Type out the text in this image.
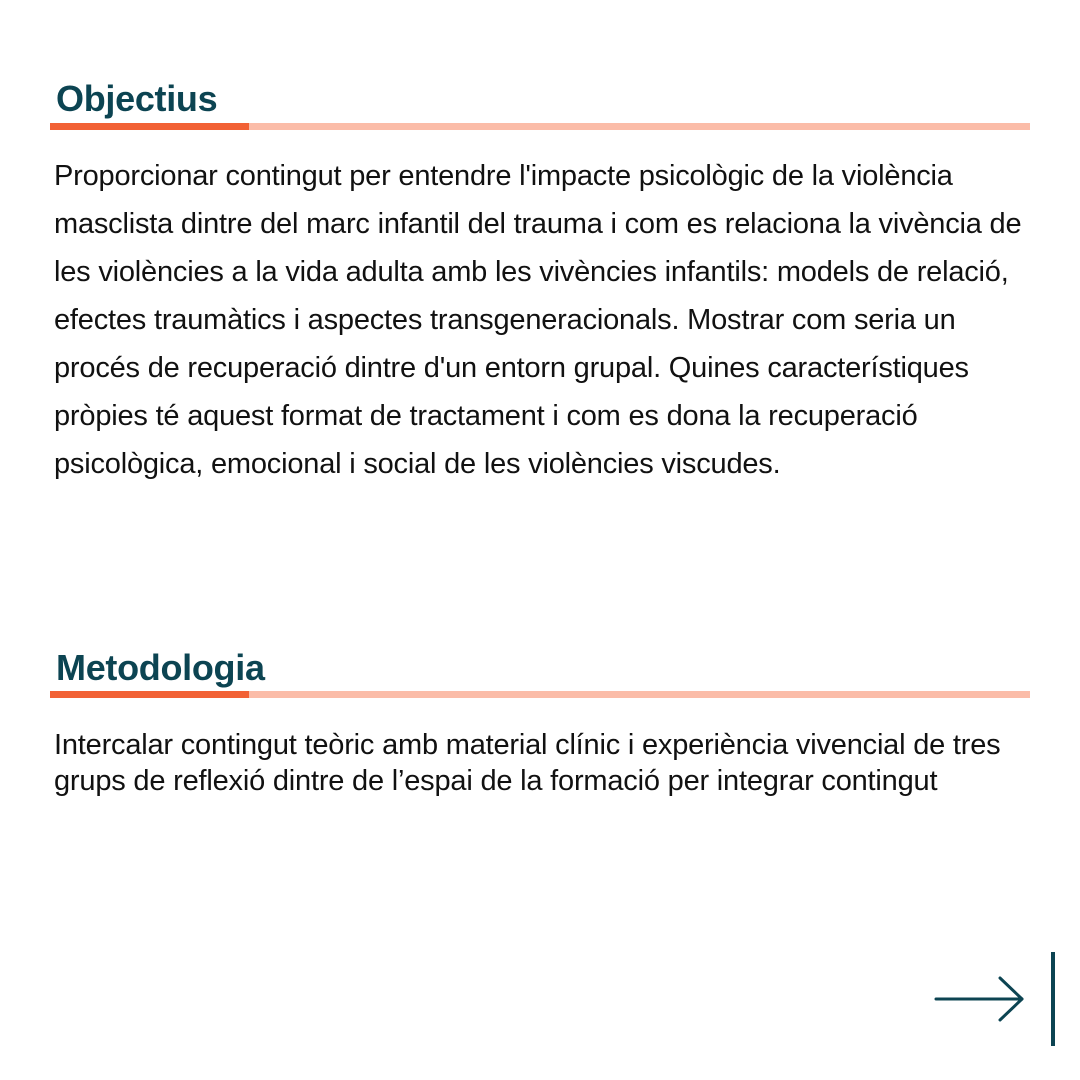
Objectius

Proporcionar contingut per entendre l'impacte psicològic de la violència masclista dintre del marc infantil del trauma i com es relaciona la vivència de les violències a la vida adulta amb les vivències infantils: models de relació, efectes traumàtics i aspectes transgeneracionals. Mostrar com seria un procés de recuperació dintre d'un entorn grupal. Quines característiques pròpies té aquest format de tractament i com es dona la recuperació psicològica, emocional i social de les violències viscudes.

Metodologia

Intercalar contingut teòric amb material clínic i experiència vivencial de tres grups de reflexió dintre de l’espai de la formació per integrar contingut
